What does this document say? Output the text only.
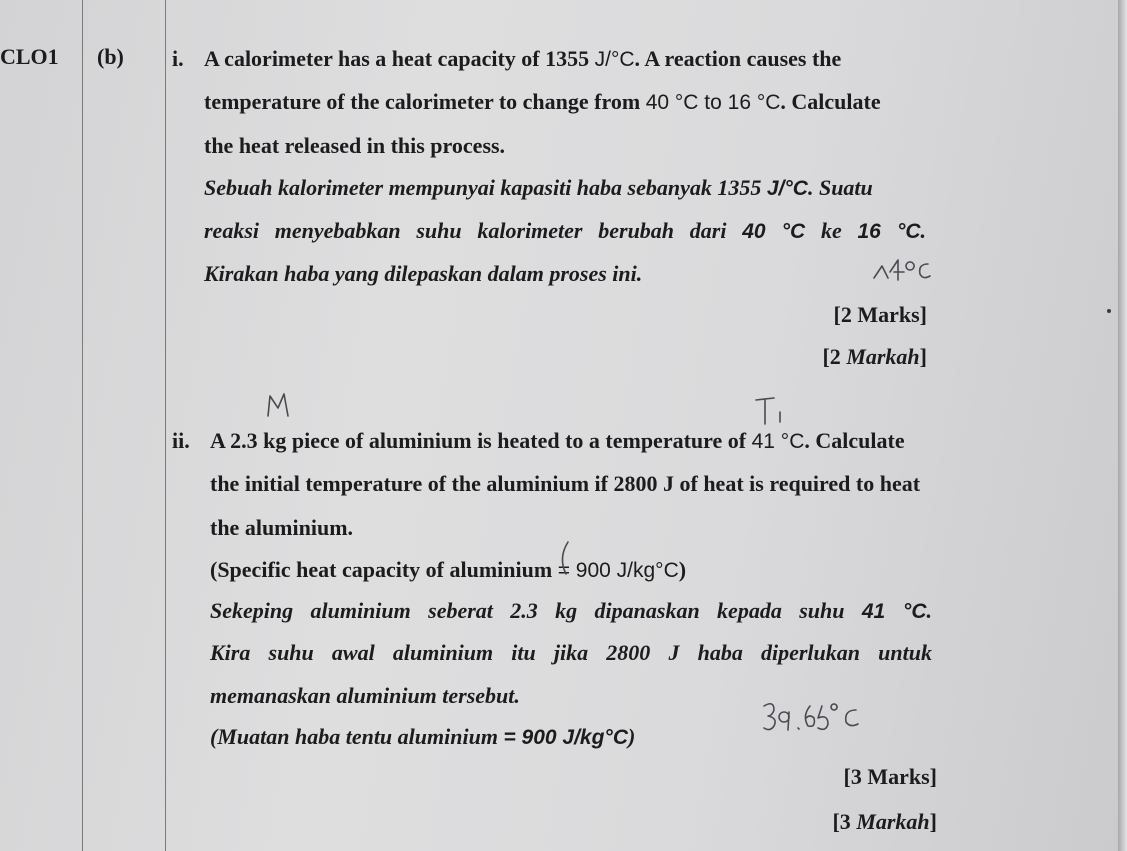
CLO1 (b) i. A calorimeter has a heat capacity of 1355 J/°C. A reaction causes the
temperature of the calorimeter to change from 40 °C to 16 °C. Calculate
the heat released in this process.
Sebuah kalorimeter mempunyai kapasiti haba sebanyak 1355 J/°C. Suatu
reaksi menyebabkan suhu kalorimeter berubah dari 40 °C ke 16 °C.
Kirakan haba yang dilepaskan dalam proses ini.
[2 Marks]
[2 Markah]
ii. A 2.3 kg piece of aluminium is heated to a temperature of 41 °C. Calculate
the initial temperature of the aluminium if 2800 J of heat is required to heat
the aluminium.
(Specific heat capacity of aluminium = 900 J/kg°C)
Sekeping aluminium seberat 2.3 kg dipanaskan kepada suhu 41 °C.
Kira suhu awal aluminium itu jika 2800 J haba diperlukan untuk
memanaskan aluminium tersebut.
(Muatan haba tentu aluminium = 900 J/kg°C)
[3 Marks]
[3 Markah]
